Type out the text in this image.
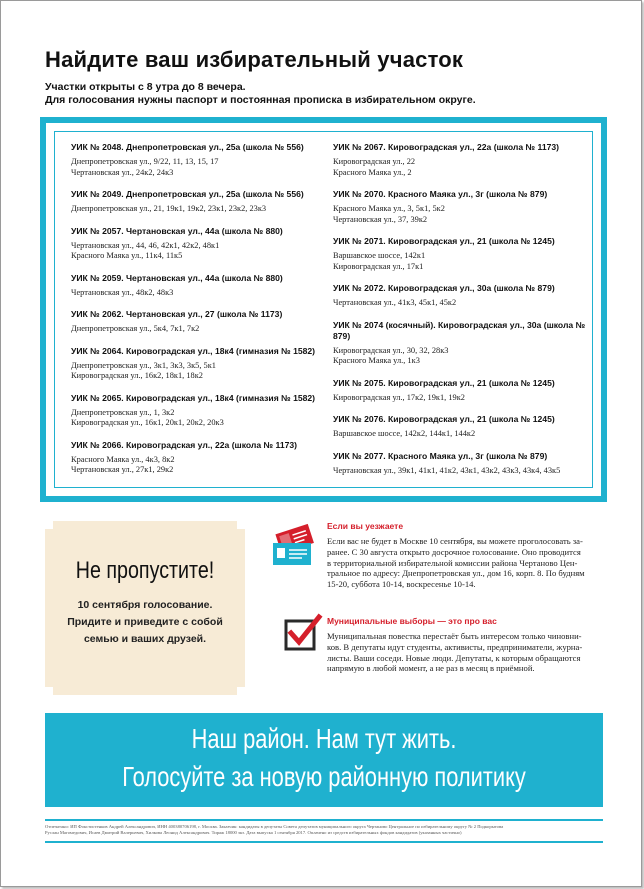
Найдите ваш избирательный участок
Участки открыты с 8 утра до 8 вечера.
Для голосования нужны паспорт и постоянная прописка в избирательном округе.
УИК № 2048. Днепропетровская ул., 25а (школа № 556)
Днепропетровская ул., 9/22, 11, 13, 15, 17
Чертановская ул., 24к2, 24к3
УИК № 2049. Днепропетровская ул., 25а (школа № 556)
Днепропетровская ул., 21, 19к1, 19к2, 23к1, 23к2, 23к3
УИК № 2057. Чертановская ул., 44а (школа № 880)
Чертановская ул., 44, 46, 42к1, 42к2, 48к1
Красного Маяка ул., 11к4, 11к5
УИК № 2059. Чертановская ул., 44а (школа № 880)
Чертановская ул., 48к2, 48к3
УИК № 2062. Чертановская ул., 27 (школа № 1173)
Днепропетровская ул., 5к4, 7к1, 7к2
УИК № 2064. Кировоградская ул., 18к4 (гимназия № 1582)
Днепропетровская ул., 3к1, 3к3, 3к5, 5к1
Кировоградская ул., 16к2, 18к1, 18к2
УИК № 2065. Кировоградская ул., 18к4 (гимназия № 1582)
Днепропетровская ул., 1, 3к2
Кировоградская ул., 16к1, 20к1, 20к2, 20к3
УИК № 2066. Кировоградская ул., 22а (школа № 1173)
Красного Маяка ул., 4к3, 8к2
Чертановская ул., 27к1, 29к2
УИК № 2067. Кировоградская ул., 22а (школа № 1173)
Кировоградская ул., 22
Красного Маяка ул., 2
УИК № 2070. Красного Маяка ул., 3г (школа № 879)
Красного Маяка ул., 3, 5к1, 5к2
Чертановская ул., 37, 39к2
УИК № 2071. Кировоградская ул., 21 (школа № 1245)
Варшавское шоссе, 142к1
Кировоградская ул., 17к1
УИК № 2072. Кировоградская ул., 30а (школа № 879)
Чертановская ул., 41к3, 45к1, 45к2
УИК № 2074 (косячный). Кировоградская ул., 30а (школа № 879)
Кировоградская ул., 30, 32, 28к3
Красного Маяка ул., 1к3
УИК № 2075. Кировоградская ул., 21 (школа № 1245)
Кировоградская ул., 17к2, 19к1, 19к2
УИК № 2076. Кировоградская ул., 21 (школа № 1245)
Варшавское шоссе, 142к2, 144к1, 144к2
УИК № 2077. Красного Маяка ул., 3г (школа № 879)
Чертановская ул., 39к1, 41к1, 41к2, 43к1, 43к2, 43к3, 43к4, 43к5
Не пропустите!
10 сентября голосование.
Придите и приведите с собой
семью и ваших друзей.
Если вы уезжаете
Если вас не будет в Москве 10 сентября, вы можете проголосовать за-
ранее. С 30 августа открыто досрочное голосование. Оно проводится
в территориальной избирательной комиссии района Чертаново Цен-
тральное по адресу: Днепропетровская ул., дом 16, корп. 8. По будням
15-20, суббота 10-14, воскресенье 10-14.
Муниципальные выборы — это про вас
Муниципальная повестка перестаёт быть интересом только чиновни-
ков. В депутаты идут студенты, активисты, предприниматели, журна-
листы. Ваши соседи. Новые люди. Депутаты, к которым обращаются
напрямую в любой момент, а не раз в месяц в приёмной.
Наш район. Нам тут жить.
Голосуйте за новую районную политику
Отпечатано: ИП Фокстистенков Андрей Александрович, ИНН 400380706198, г. Москва. Заказчик: кандидаты в депутаты Совета депутатов муниципального округа Чертаново Центральное по избирательному округу № 2 Подкорытова
Руслан Магомедович, Исаев Дмитрий Валерьевич, Хилкова Леонид Александрович. Тираж 18000 экз. Дата выпуска 1 сентября 2017. Оплачено из средств избирательных фондов кандидатов (указанных частично)
